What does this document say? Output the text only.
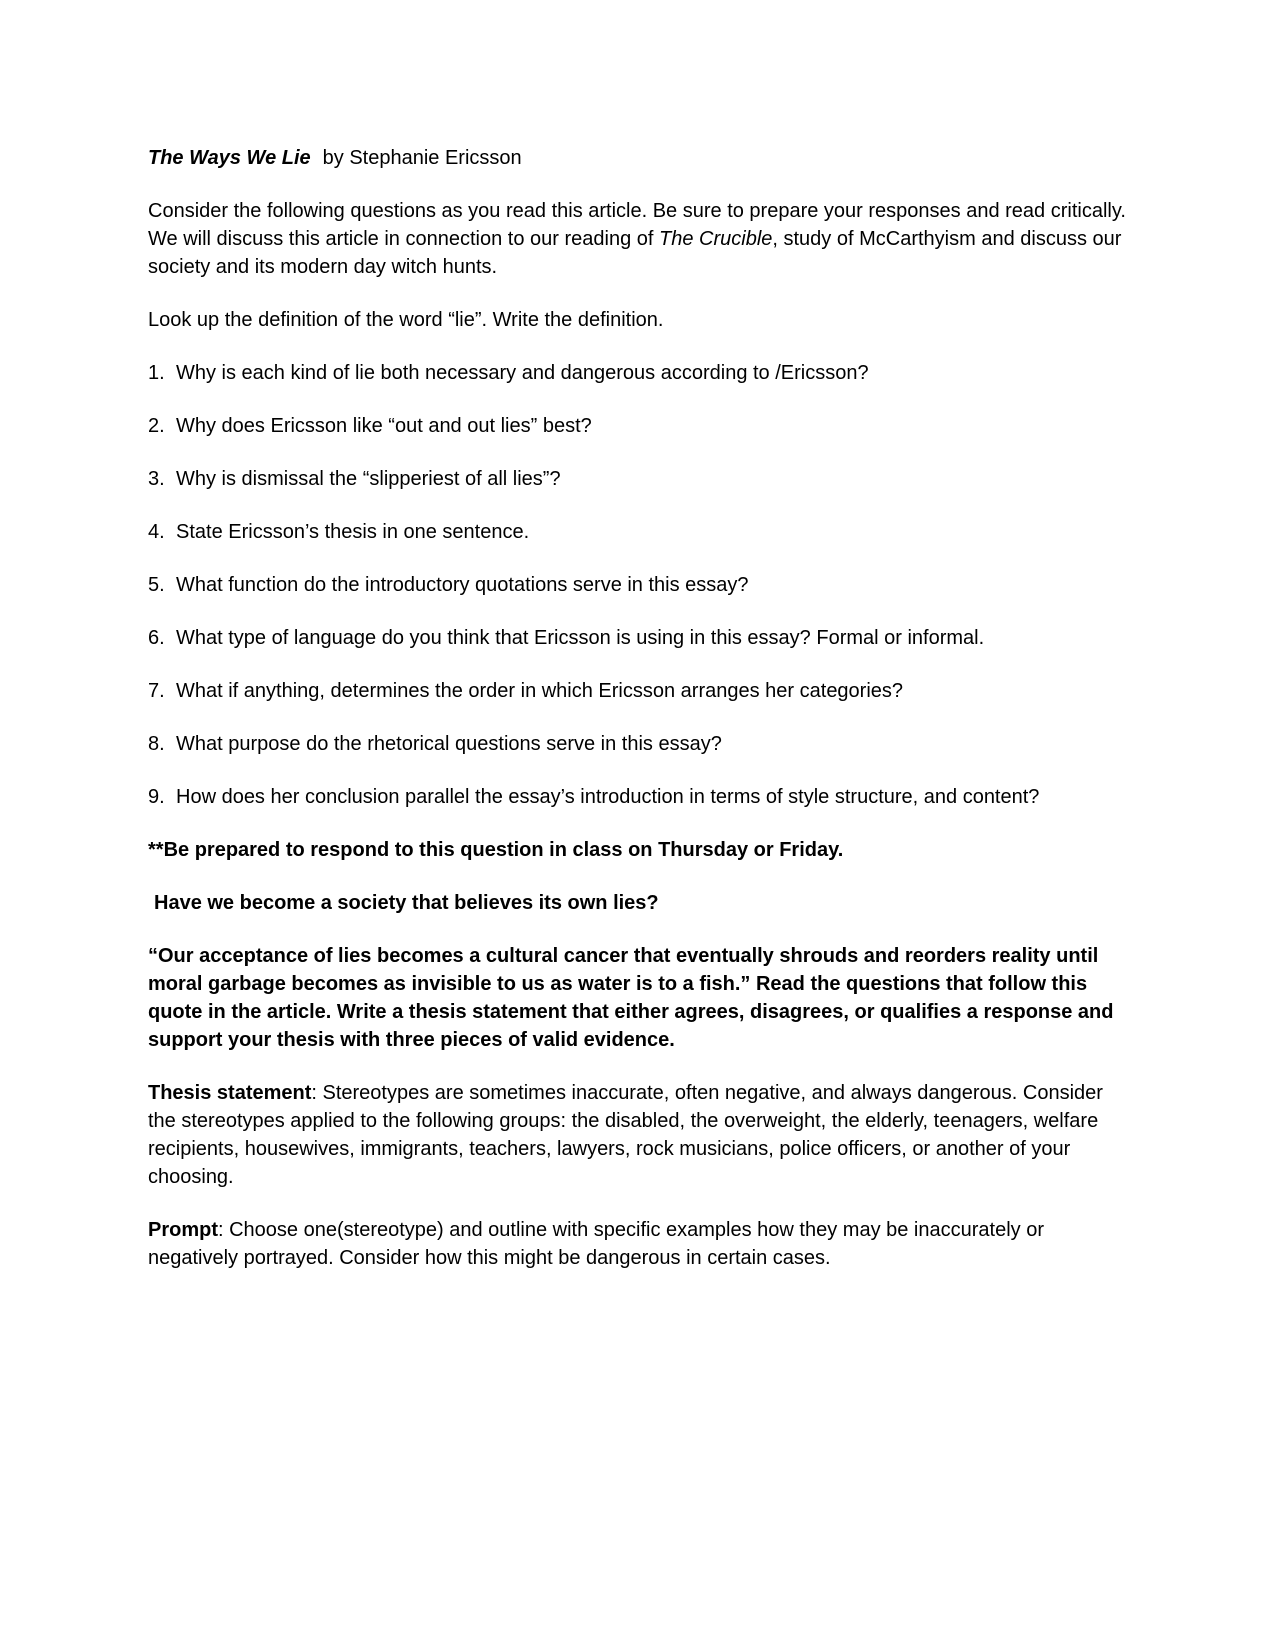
The Ways We Lie by Stephanie Ericsson

Consider the following questions as you read this article. Be sure to prepare your responses and read critically. We will discuss this article in connection to our reading of The Crucible, study of McCarthyism and discuss our society and its modern day witch hunts.

Look up the definition of the word “lie”. Write the definition.

1. Why is each kind of lie both necessary and dangerous according to /Ericsson?
2. Why does Ericsson like “out and out lies” best?
3. Why is dismissal the “slipperiest of all lies”?
4. State Ericsson’s thesis in one sentence.
5. What function do the introductory quotations serve in this essay?
6. What type of language do you think that Ericsson is using in this essay? Formal or informal.
7. What if anything, determines the order in which Ericsson arranges her categories?
8. What purpose do the rhetorical questions serve in this essay?
9. How does her conclusion parallel the essay’s introduction in terms of style structure, and content?

**Be prepared to respond to this question in class on Thursday or Friday.

Have we become a society that believes its own lies?

“Our acceptance of lies becomes a cultural cancer that eventually shrouds and reorders reality until moral garbage becomes as invisible to us as water is to a fish.” Read the questions that follow this quote in the article. Write a thesis statement that either agrees, disagrees, or qualifies a response and support your thesis with three pieces of valid evidence.

Thesis statement: Stereotypes are sometimes inaccurate, often negative, and always dangerous. Consider the stereotypes applied to the following groups: the disabled, the overweight, the elderly, teenagers, welfare recipients, housewives, immigrants, teachers, lawyers, rock musicians, police officers, or another of your choosing.

Prompt: Choose one(stereotype) and outline with specific examples how they may be inaccurately or negatively portrayed. Consider how this might be dangerous in certain cases.
